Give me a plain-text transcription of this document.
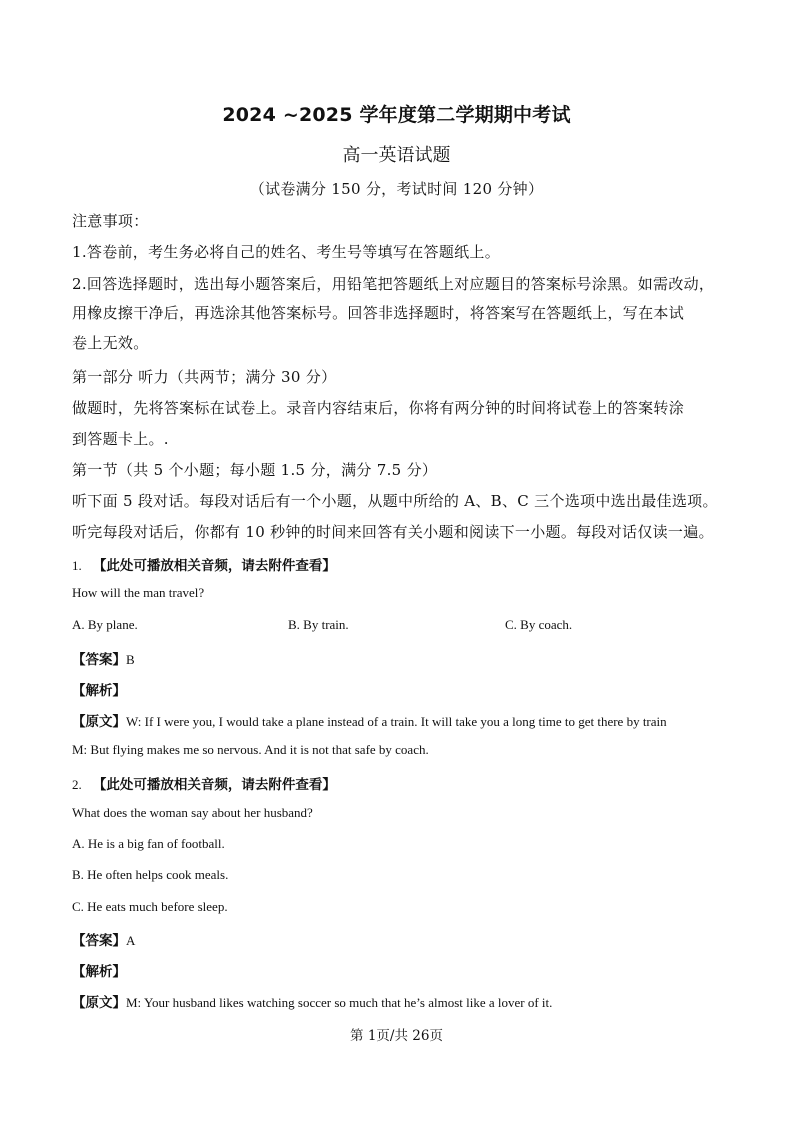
2024 ~2025 学年度第二学期期中考试
高一英语试题
（试卷满分 150 分，考试时间 120 分钟）
注意事项：
1.答卷前，考生务必将自己的姓名、考生号等填写在答题纸上。
2.回答选择题时，选出每小题答案后，用铅笔把答题纸上对应题目的答案标号涂黑。如需改动，
用橡皮擦干净后，再选涂其他答案标号。回答非选择题时，将答案写在答题纸上，写在本试
卷上无效。
第一部分 听力（共两节；满分 30 分）
做题时，先将答案标在试卷上。录音内容结束后，你将有两分钟的时间将试卷上的答案转涂
到答题卡上。.
第一节（共 5 个小题；每小题 1.5 分，满分 7.5 分）
听下面 5 段对话。每段对话后有一个小题，从题中所给的 A、B、C 三个选项中选出最佳选项。
听完每段对话后，你都有 10 秒钟的时间来回答有关小题和阅读下一小题。每段对话仅读一遍。
1. 【此处可播放相关音频，请去附件查看】
How will the man travel?
A. By plane.	B. By train.	C. By coach.
【答案】B
【解析】
【原文】W: If I were you, I would take a plane instead of a train. It will take you a long time to get there by train
M: But flying makes me so nervous. And it is not that safe by coach.
2. 【此处可播放相关音频，请去附件查看】
What does the woman say about her husband?
A. He is a big fan of football.
B. He often helps cook meals.
C. He eats much before sleep.
【答案】A
【解析】
【原文】M: Your husband likes watching soccer so much that he’s almost like a lover of it.
第 1页/共 26页
